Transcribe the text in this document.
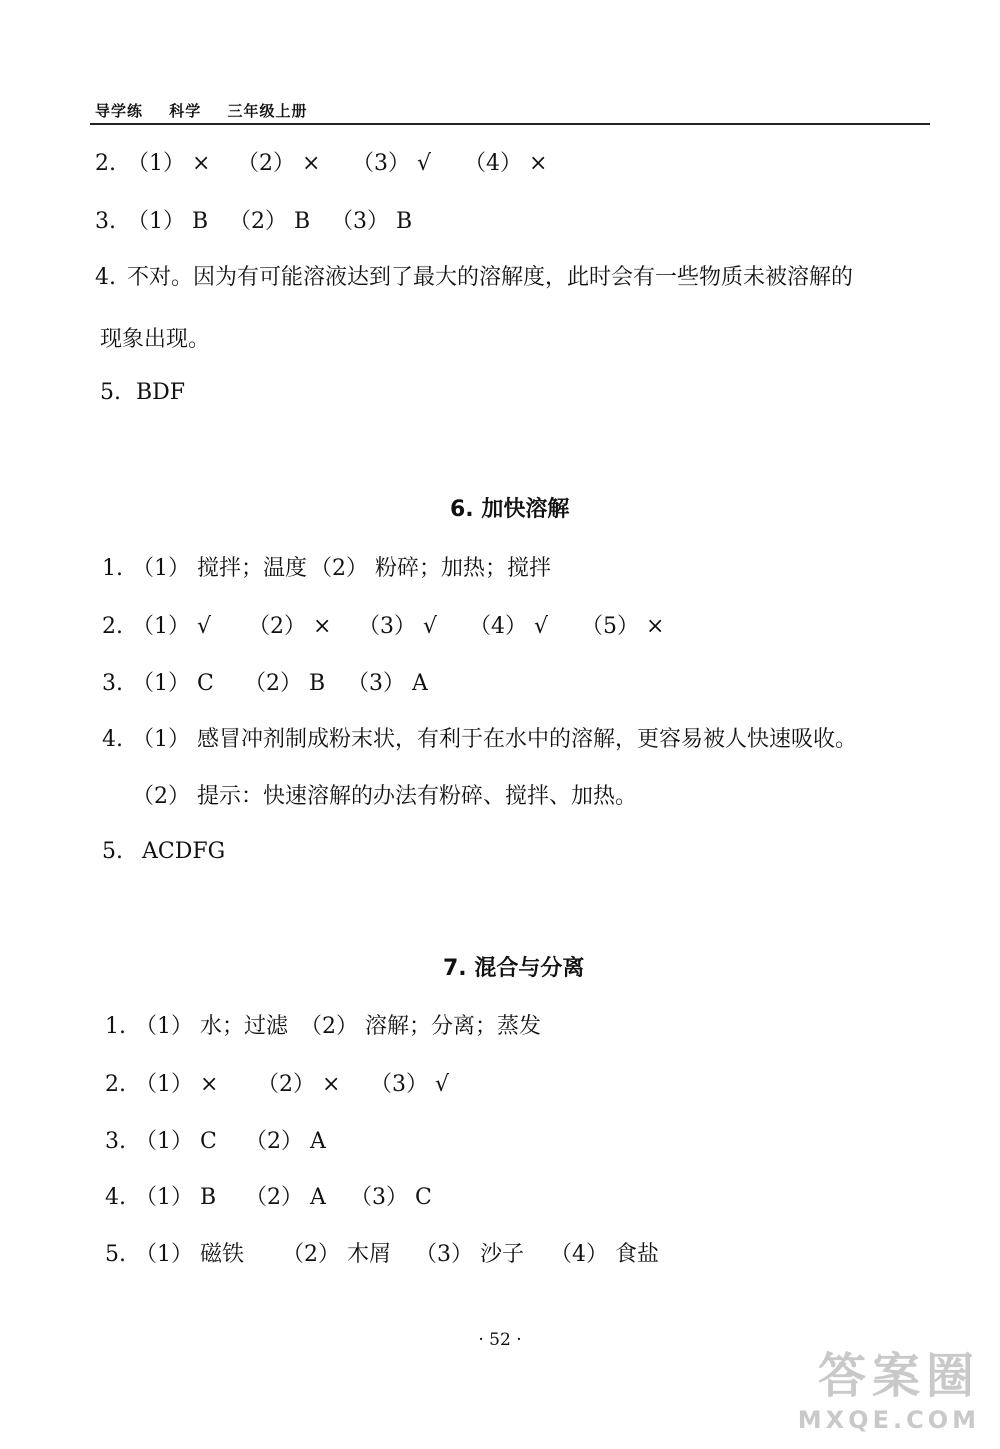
导学练 科学 三年级上册
2. （1） × （2） × （3） √ （4） ×
3. （1） B （2） B （3） B
4. 不对。因为有可能溶液达到了最大的溶解度，此时会有一些物质未被溶解的
现象出现。
5. BDF
6. 加快溶解
1. （1） 搅拌；温度 （2） 粉碎；加热；搅拌
2. （1） √ （2） × （3） √ （4） √ （5） ×
3. （1） C （2） B （3） A
4. （1） 感冒冲剂制成粉末状，有利于在水中的溶解，更容易被人快速吸收。
（2） 提示：快速溶解的办法有粉碎、搅拌、加热。
5. ACDFG
7. 混合与分离
1. （1） 水；过滤 （2） 溶解；分离；蒸发
2. （1） × （2） × （3） √
3. （1） C （2） A
4. （1） B （2） A （3） C
5. （1） 磁铁 （2） 木屑 （3） 沙子 （4） 食盐
· 52 ·
答案圈
MXQE.COM
